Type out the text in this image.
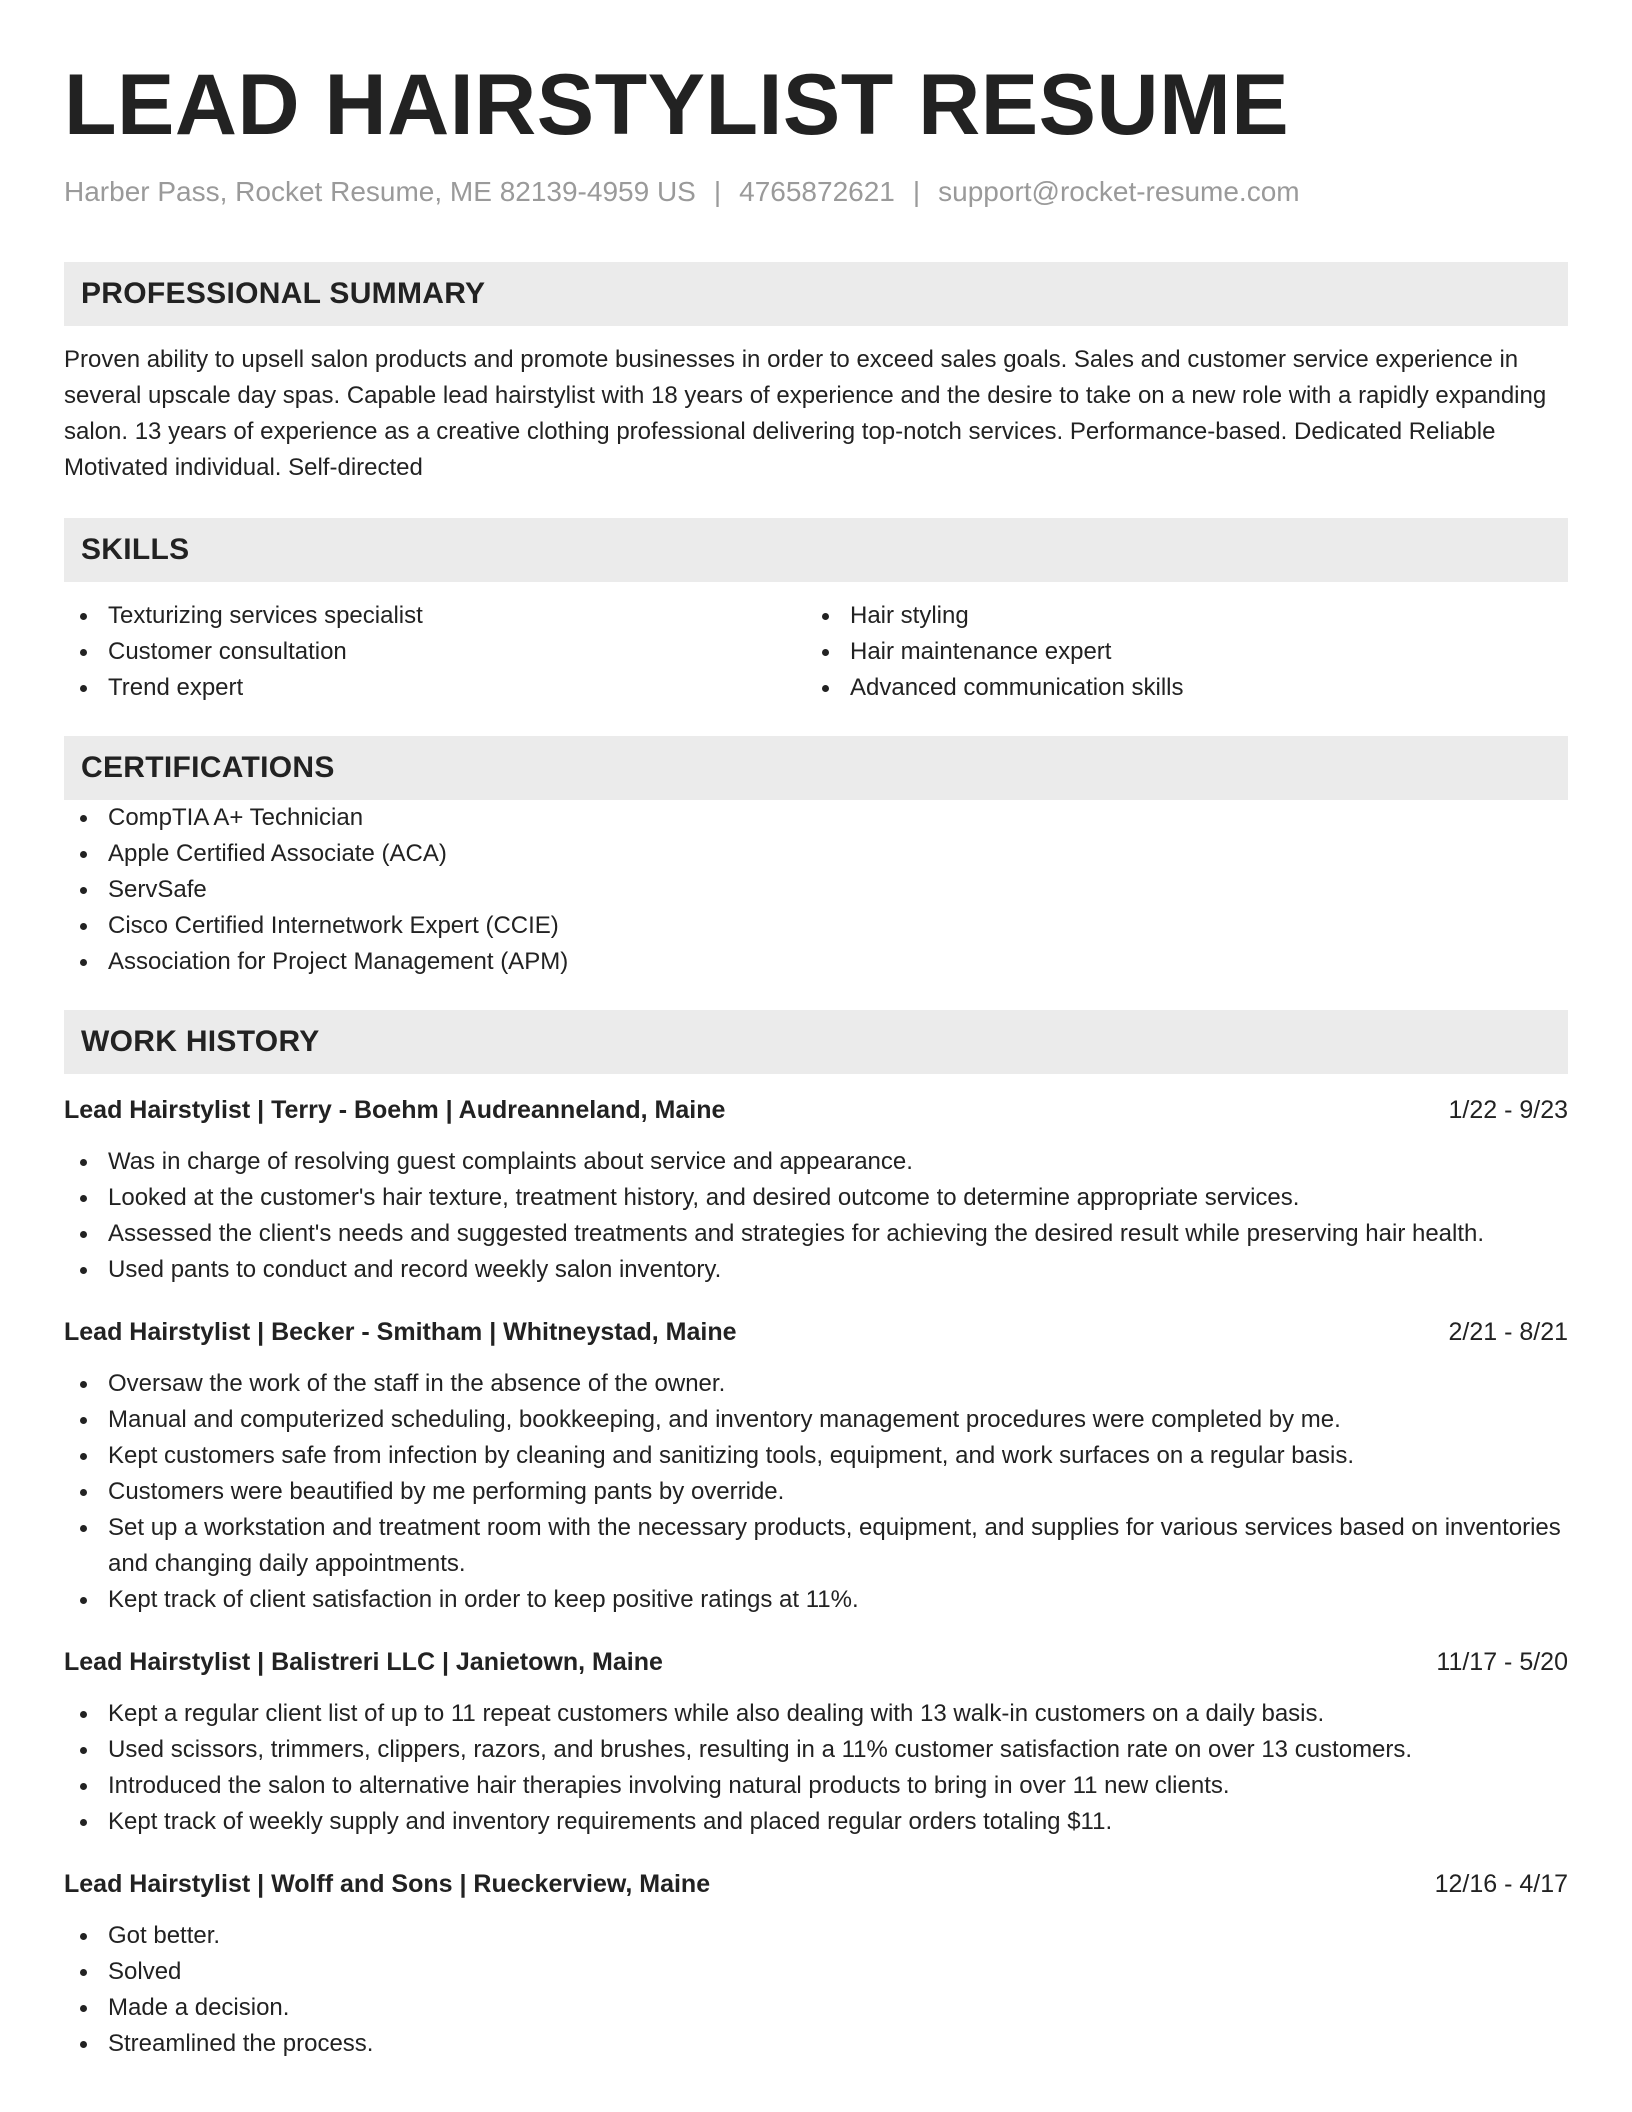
LEAD HAIRSTYLIST RESUME
Harber Pass, Rocket Resume, ME 82139-4959 US | 4765872621 | support@rocket-resume.com
PROFESSIONAL SUMMARY
Proven ability to upsell salon products and promote businesses in order to exceed sales goals. Sales and customer service experience in several upscale day spas. Capable lead hairstylist with 18 years of experience and the desire to take on a new role with a rapidly expanding salon. 13 years of experience as a creative clothing professional delivering top-notch services. Performance-based. Dedicated Reliable Motivated individual. Self-directed
SKILLS
Texturizing services specialist
Customer consultation
Trend expert
Hair styling
Hair maintenance expert
Advanced communication skills
CERTIFICATIONS
CompTIA A+ Technician
Apple Certified Associate (ACA)
ServSafe
Cisco Certified Internetwork Expert (CCIE)
Association for Project Management (APM)
WORK HISTORY
Lead Hairstylist | Terry - Boehm | Audreanneland, Maine	1/22 - 9/23
Was in charge of resolving guest complaints about service and appearance.
Looked at the customer's hair texture, treatment history, and desired outcome to determine appropriate services.
Assessed the client's needs and suggested treatments and strategies for achieving the desired result while preserving hair health.
Used pants to conduct and record weekly salon inventory.
Lead Hairstylist | Becker - Smitham | Whitneystad, Maine	2/21 - 8/21
Oversaw the work of the staff in the absence of the owner.
Manual and computerized scheduling, bookkeeping, and inventory management procedures were completed by me.
Kept customers safe from infection by cleaning and sanitizing tools, equipment, and work surfaces on a regular basis.
Customers were beautified by me performing pants by override.
Set up a workstation and treatment room with the necessary products, equipment, and supplies for various services based on inventories and changing daily appointments.
Kept track of client satisfaction in order to keep positive ratings at 11%.
Lead Hairstylist | Balistreri LLC | Janietown, Maine	11/17 - 5/20
Kept a regular client list of up to 11 repeat customers while also dealing with 13 walk-in customers on a daily basis.
Used scissors, trimmers, clippers, razors, and brushes, resulting in a 11% customer satisfaction rate on over 13 customers.
Introduced the salon to alternative hair therapies involving natural products to bring in over 11 new clients.
Kept track of weekly supply and inventory requirements and placed regular orders totaling $11.
Lead Hairstylist | Wolff and Sons | Rueckerview, Maine	12/16 - 4/17
Got better.
Solved
Made a decision.
Streamlined the process.
